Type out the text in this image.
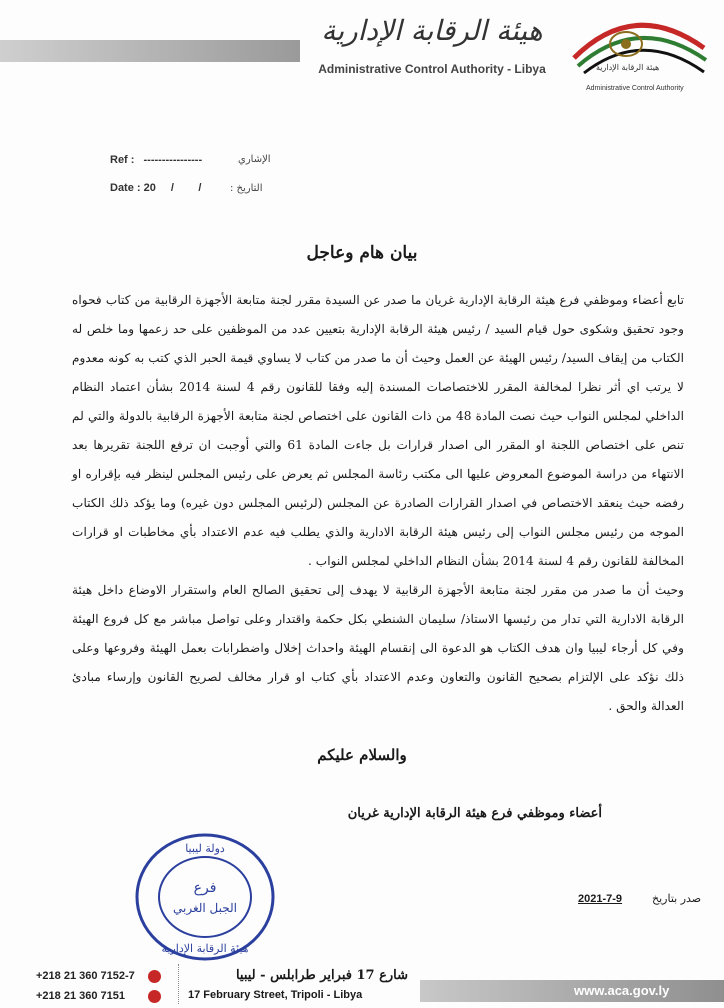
هيئة الرقابة الإدارية
Administrative Control Authority - Libya	هيئة الرقابة الإدارية
Administrative Control Authority
Ref : ----------------	الإشاري
Date : 20 /        /	التاريخ :
بيان هام وعاجل

تابع أعضاء وموظفي فرع هيئة الرقابة الإدارية غريان ما صدر عن السيدة مقرر لجنة متابعة الأجهزة الرقابية من كتاب فحواه وجود تحقيق وشكوى حول قيام السيد / رئيس هيئة الرقابة الإدارية بتعيين عدد من الموظفين على حد زعمها وما خلص له الكتاب من إيقاف السيد/ رئيس الهيئة عن العمل وحيث أن ما صدر من كتاب لا يساوي قيمة الحبر الذي كتب به كونه معدوم لا يرتب اي أثر نظرا لمخالفة المقرر للاختصاصات المسندة إليه وفقا للقانون رقم 4 لسنة 2014 بشأن اعتماد النظام الداخلي لمجلس النواب حيث نصت المادة 48 من ذات القانون على اختصاص لجنة متابعة الأجهزة الرقابية بالدولة والتي لم تنص على اختصاص اللجنة او المقرر الى اصدار قرارات بل جاءت المادة 61 والتي أوجبت ان ترفع اللجنة تقريرها بعد الانتهاء من دراسة الموضوع المعروض عليها الى مكتب رئاسة المجلس ثم يعرض على رئيس المجلس لينظر فيه بإقراره او رفضه حيث ينعقد الاختصاص في اصدار القرارات الصادرة عن المجلس (لرئيس المجلس دون غيره) وما يؤكد ذلك الكتاب الموجه من رئيس مجلس النواب إلى رئيس هيئة الرقابة الادارية والذي يطلب فيه عدم الاعتداد بأي مخاطبات او قرارات المخالفة للقانون رقم 4 لسنة 2014 بشأن النظام الداخلي لمجلس النواب .

وحيث أن ما صدر من مقرر لجنة متابعة الأجهزة الرقابية لا يهدف إلى تحقيق الصالح العام واستقرار الاوضاع داخل هيئة الرقابة الادارية التي تدار من رئيسها الاستاذ/ سليمان الشنطي بكل حكمة واقتدار وعلى تواصل مباشر مع كل فروع الهيئة وفي كل أرجاء ليبيا وان هدف الكتاب هو الدعوة الى إنقسام الهيئة واحداث إخلال واضطرابات بعمل الهيئة وفروعها وعلى ذلك نؤكد على الإلتزام بصحيح القانون والتعاون وعدم الاعتداد بأي كتاب او قرار مخالف لصريح القانون وإرساء مبادئ العدالة والحق .

والسلام عليكم
أعضاء وموظفي فرع هيئة الرقابة الإدارية غريان
دولة ليبيا
فرع
الجبل الغربي
هيئة الرقابة الإدارية
2021-7-9	صدر بتاريخ
+218 21 360 7152-7
+218 21 360 7151
شارع 17 فبراير طرابلس - ليبيا
17 February Street, Tripoli - Libya	www.aca.gov.ly
